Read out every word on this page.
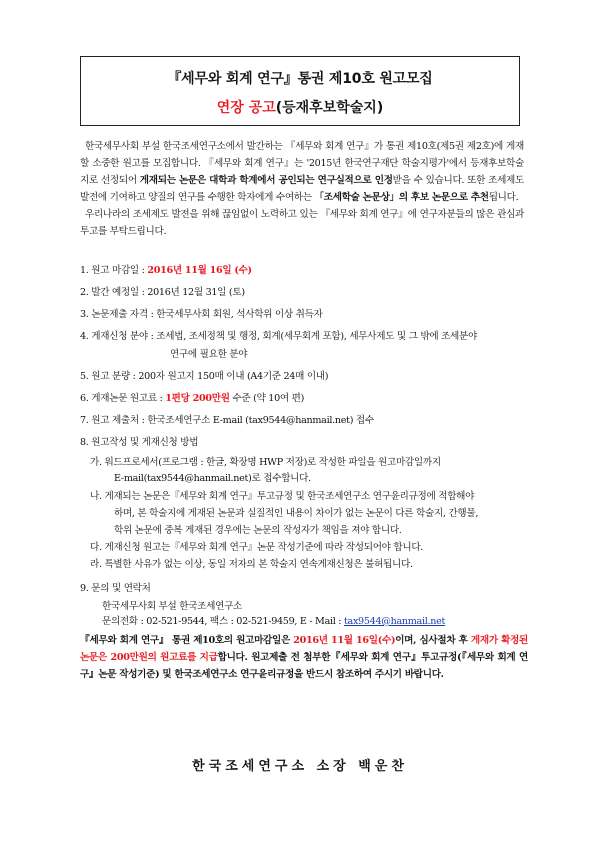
『세무와 회계 연구』통권 제10호 원고모집
연장 공고(등재후보학술지)

한국세무사회 부설 한국조세연구소에서 발간하는 『세무와 회계 연구』가 통권 제10호(제5권 제2호)에 게재할 소중한 원고를 모집합니다. 『세무와 회계 연구』는 '2015년 한국연구재단 학술지평가'에서 등재후보학술지로 선정되어 게재되는 논문은 대학과 학계에서 공인되는 연구실적으로 인정받을 수 있습니다. 또한 조세제도 발전에 기여하고 양질의 연구를 수행한 학자에게 수여하는 「조세학술 논문상」의 후보 논문으로 추천됩니다.

우리나라의 조세제도 발전을 위해 끊임없이 노력하고 있는 『세무와 회계 연구』에 연구자분들의 많은 관심과 투고를 부탁드립니다.

1. 원고 마감일 : 2016년 11월 16일 (수)
2. 발간 예정일 : 2016년 12월 31일 (토)
3. 논문제출 자격 : 한국세무사회 회원, 석사학위 이상 취득자
4. 게재신청 분야 : 조세법, 조세정책 및 행정, 회계(세무회계 포함), 세무사제도 및 그 밖에 조세분야
연구에 필요한 분야
5. 원고 분량 : 200자 원고지 150매 이내 (A4기준 24매 이내)
6. 게재논문 원고료 : 1편당 200만원 수준 (약 10여 편)
7. 원고 제출처 : 한국조세연구소 E-mail (tax9544@hanmail.net) 접수
8. 원고작성 및 게재신청 방법
가. 워드프로세서(프로그램 : 한글, 확장명 HWP 저장)로 작성한 파일을 원고마감일까지
E-mail(tax9544@hanmail.net)로 접수합니다.
나. 게재되는 논문은『세무와 회계 연구』투고규정 및 한국조세연구소 연구윤리규정에 적합해야
하며, 본 학술지에 게재된 논문과 실질적인 내용이 차이가 없는 논문이 다른 학술지, 간행물,
학위 논문에 중복 게재된 경우에는 논문의 작성자가 책임을 져야 합니다.
다. 게재신청 원고는『세무와 회계 연구』논문 작성기준에 따라 작성되어야 합니다.
라. 특별한 사유가 없는 이상, 동일 저자의 본 학술지 연속게재신청은 불허됩니다.
9. 문의 및 연락처
한국세무사회 부설 한국조세연구소
문의전화 : 02-521-9544, 팩스 : 02-521-9459, E - Mail : tax9544@hanmail.net
『세무와 회계 연구』 통권 제10호의 원고마감일은 2016년 11월 16일(수)이며, 심사절차 후 게재가 확정된 논문은 200만원의 원고료를 지급합니다. 원고제출 전 첨부한『세무와 회계 연구』투고규정(『세무와 회계 연구』논문 작성기준) 및 한국조세연구소 연구윤리규정을 반드시 참조하여 주시기 바랍니다.
한국조세연구소 소장 백운찬
